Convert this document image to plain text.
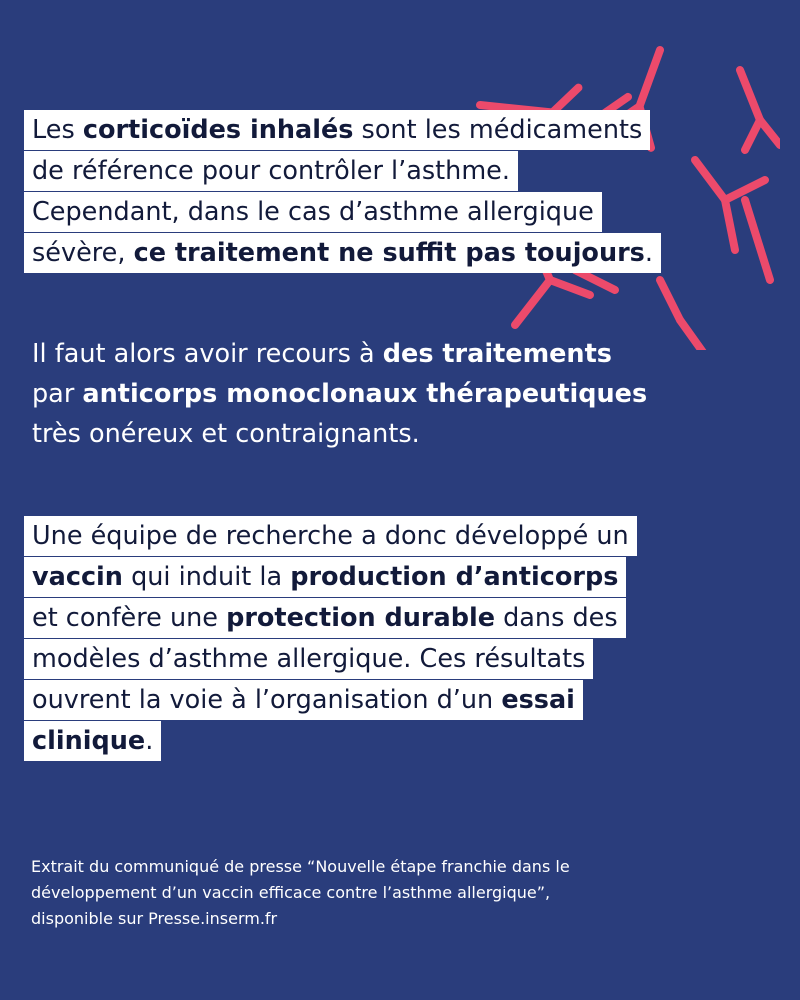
Les corticoïdes inhalés sont les médicaments
de référence pour contrôler l’asthme.
Cependant, dans le cas d’asthme allergique
sévère, ce traitement ne suffit pas toujours.

Il faut alors avoir recours à des traitements
par anticorps monoclonaux thérapeutiques
très onéreux et contraignants.
Une équipe de recherche a donc développé un
vaccin qui induit la production d’anticorps
et confère une protection durable dans des
modèles d’asthme allergique. Ces résultats
ouvrent la voie à l’organisation d’un essai
clinique.

Extrait du communiqué de presse “Nouvelle étape franchie dans le
développement d’un vaccin efficace contre l’asthme allergique”,
disponible sur Presse.inserm.fr
